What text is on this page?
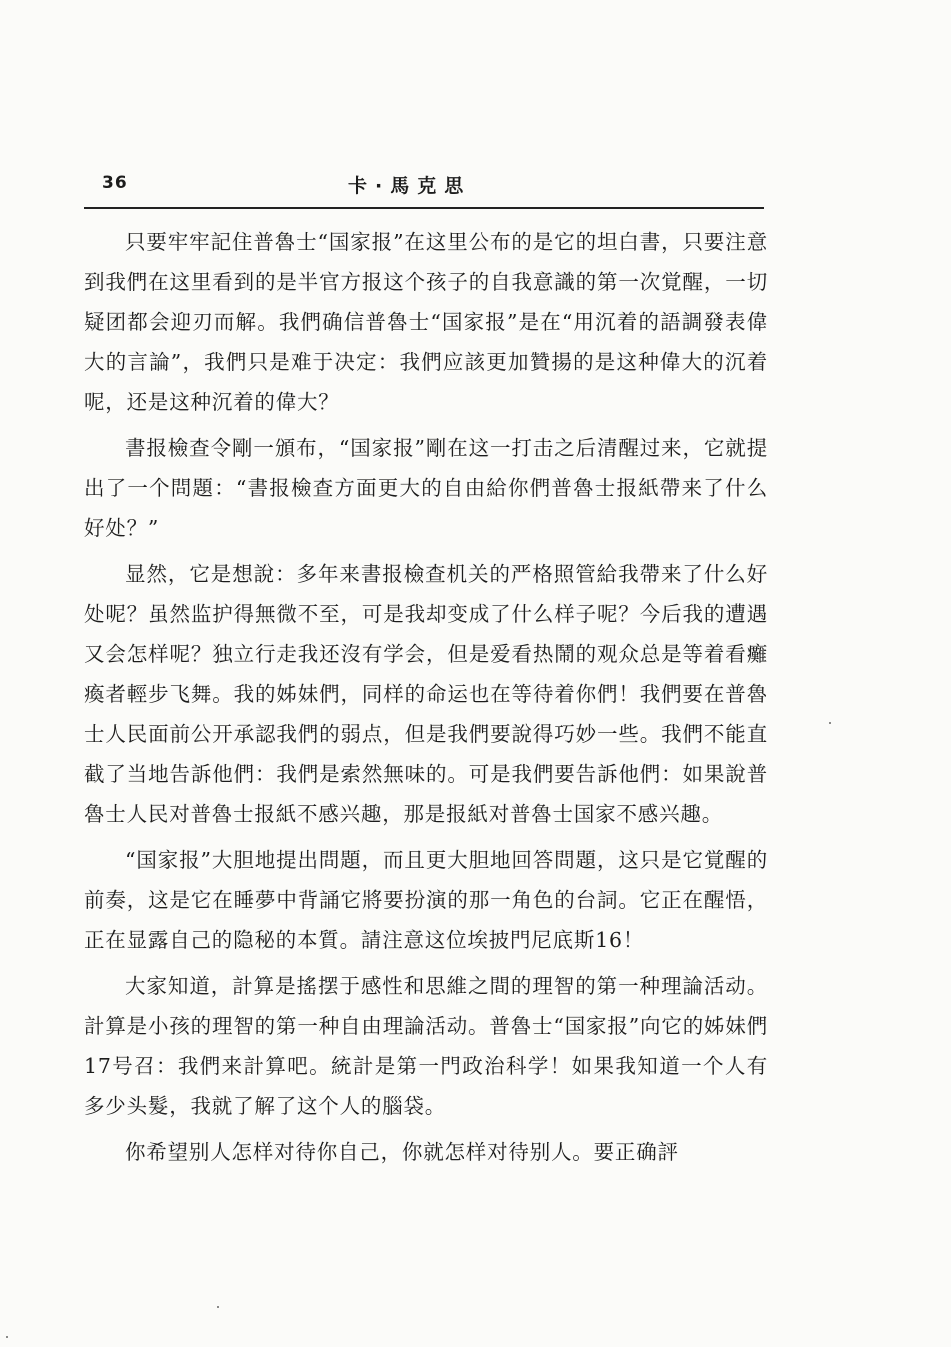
36	卡·馬克思

只要牢牢記住普魯士“国家报”在这里公布的是它的坦白書，只要注意到我們在这里看到的是半官方报这个孩子的自我意識的第一次覚醒，一切疑团都会迎刃而解。我們确信普魯士“国家报”是在“用沉着的語調發表偉大的言論”，我們只是难于决定：我們应該更加贊揚的是这种偉大的沉着呢，还是这种沉着的偉大？

書报檢查令剛一頒布，“国家报”剛在这一打击之后清醒过来，它就提出了一个問題：“書报檢查方面更大的自由給你們普魯士报紙帶来了什么好处？”

显然，它是想說：多年来書报檢查机关的严格照管給我帶来了什么好处呢？虽然监护得無微不至，可是我却变成了什么样子呢？今后我的遭遇又会怎样呢？独立行走我还沒有学会，但是爱看热鬧的观众总是等着看癱瘓者輕步飞舞。我的姊妹們，同样的命运也在等待着你們！我們要在普魯士人民面前公开承認我們的弱点，但是我們要說得巧妙一些。我們不能直截了当地告訴他們：我們是索然無味的。可是我們要告訴他們：如果說普魯士人民对普魯士报紙不感兴趣，那是报紙对普魯士国家不感兴趣。

“国家报”大胆地提出問題，而且更大胆地回答問題，这只是它覚醒的前奏，这是它在睡夢中背誦它將要扮演的那一角色的台詞。它正在醒悟，正在显露自己的隐秘的本質。請注意这位埃披門尼底斯16！

大家知道，計算是搖摆于感性和思維之間的理智的第一种理論活动。計算是小孩的理智的第一种自由理論活动。普魯士“国家报”向它的姊妹們17号召：我們来計算吧。統計是第一門政治科学！如果我知道一个人有多少头髮，我就了解了这个人的腦袋。

你希望别人怎样对待你自己，你就怎样对待别人。要正确評
